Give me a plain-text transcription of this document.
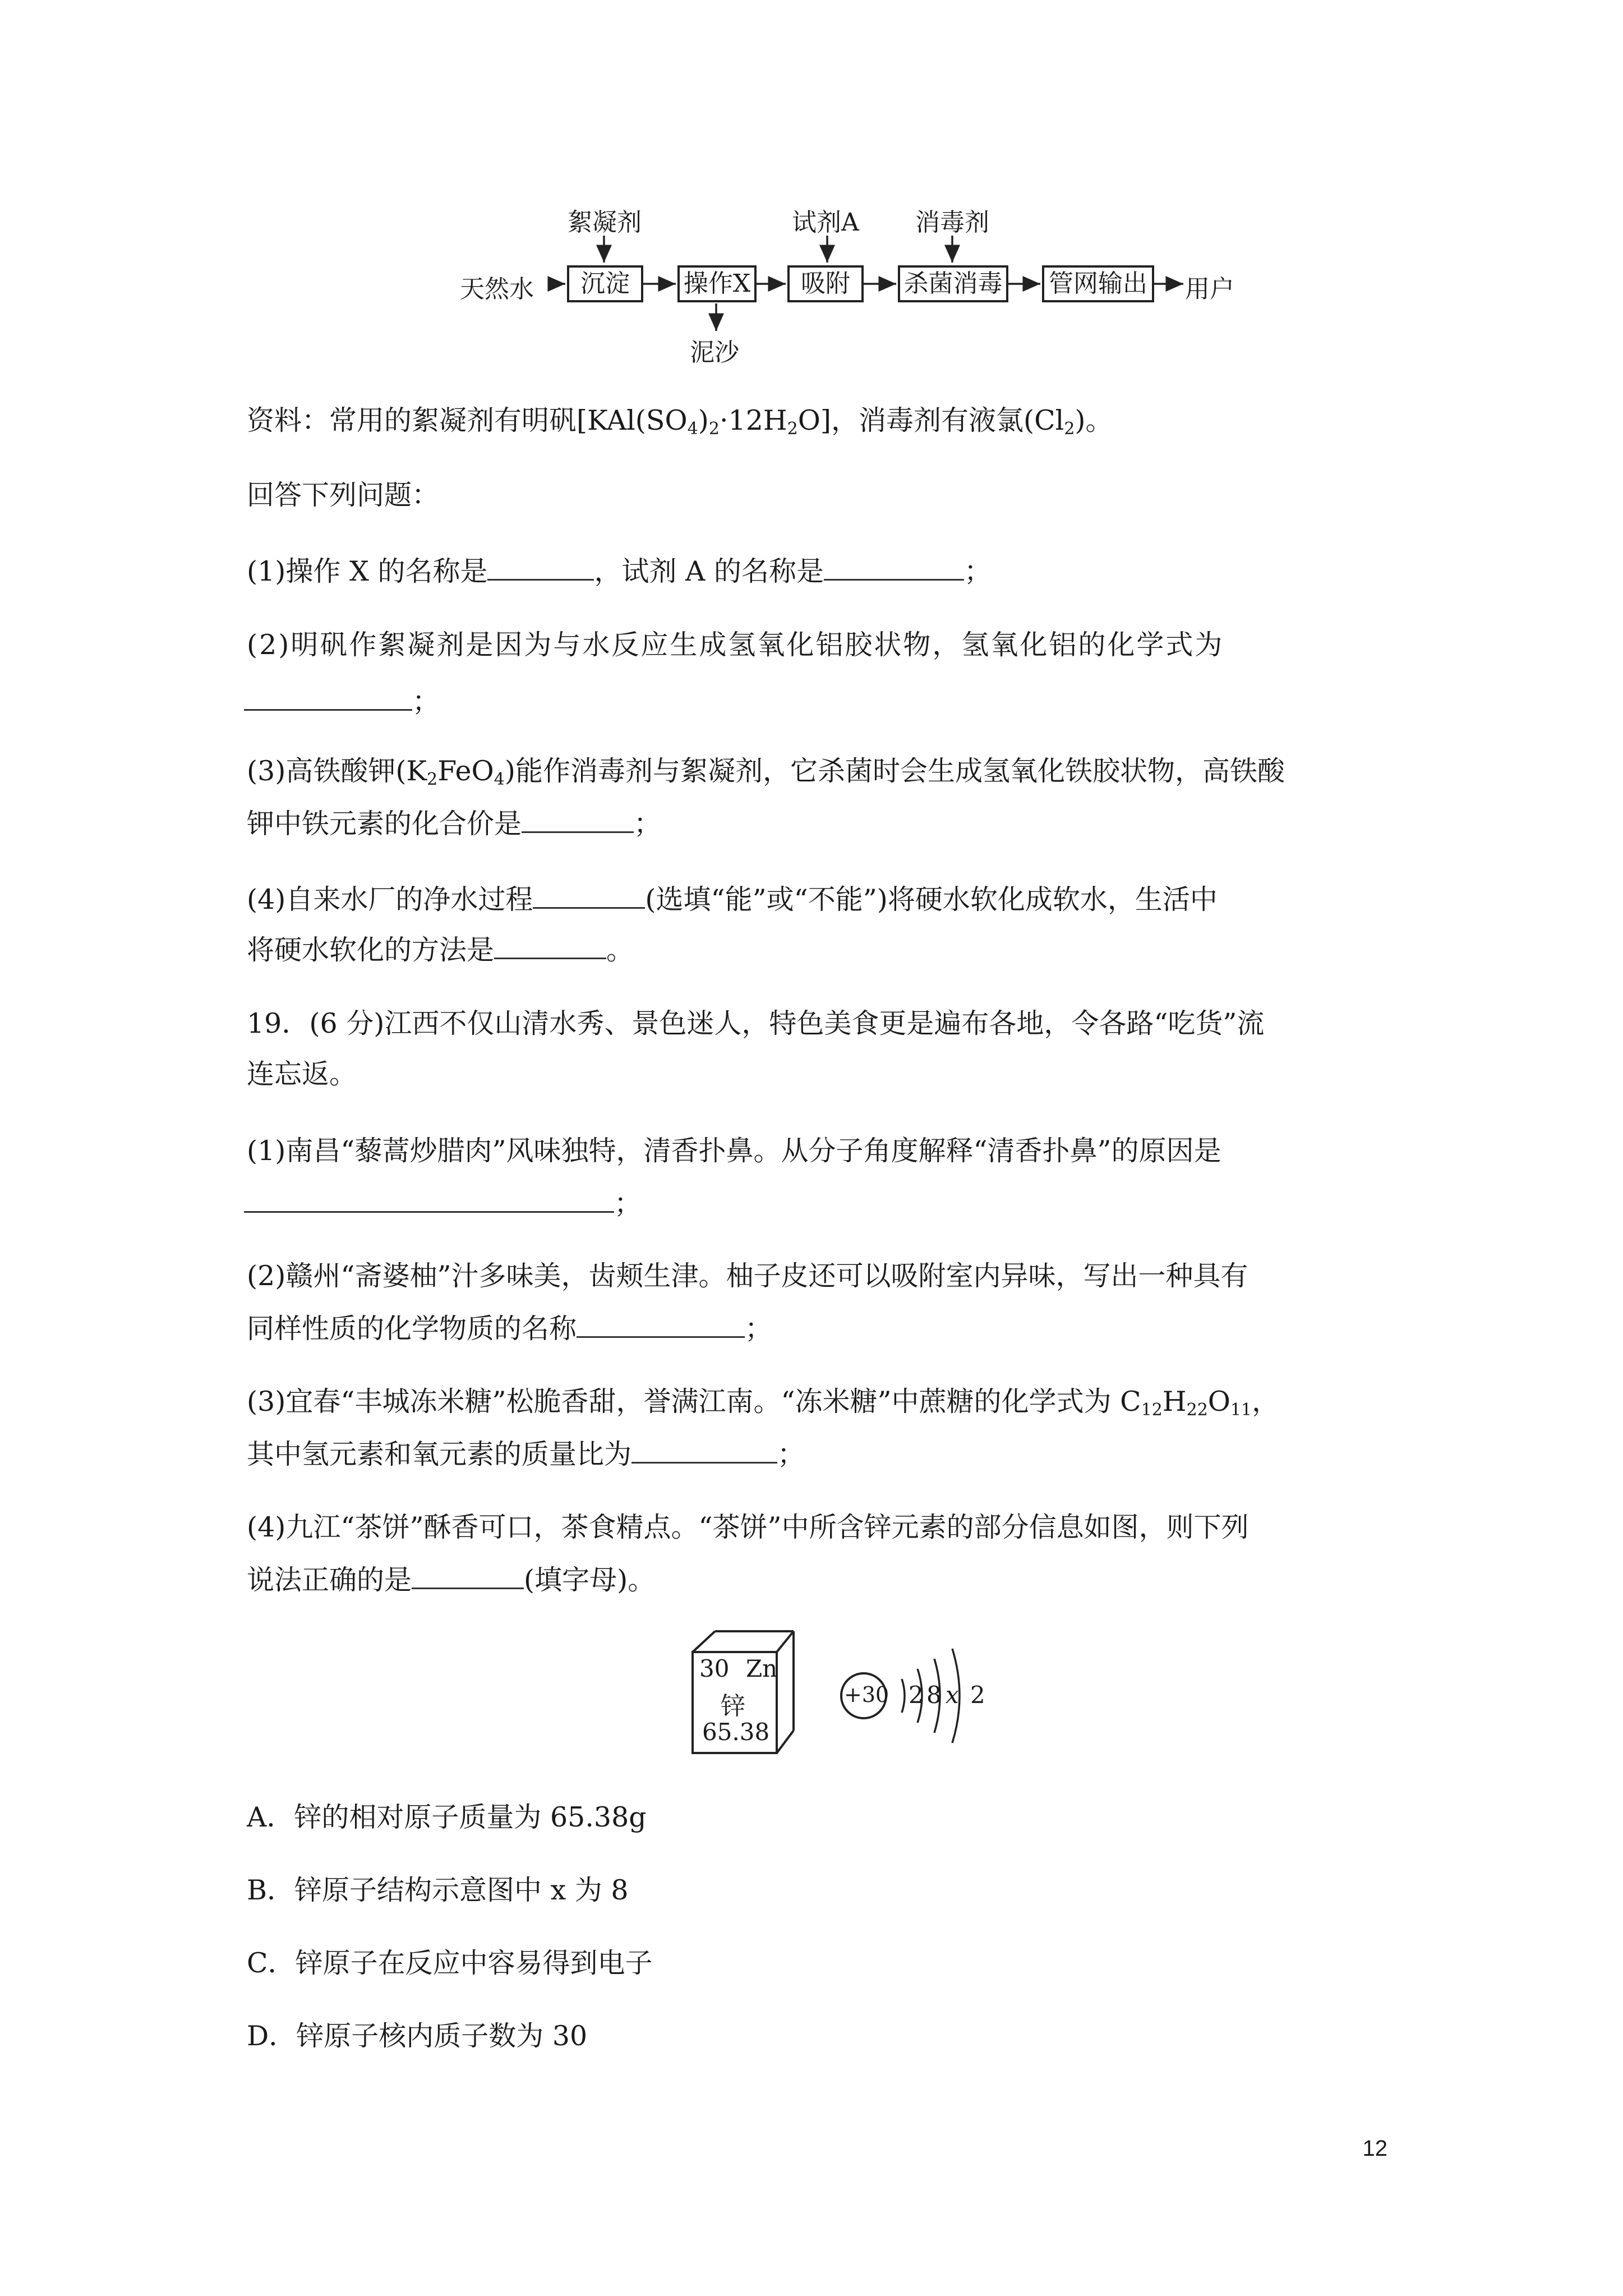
天然水	沉淀	操作X	吸附	杀菌消毒 管网输出 用户
絮凝剂	试剂A 消毒剂
泥沙
资料：常用的絮凝剂有明矾$[KAl(SO_4)_2\cdot 12H_2O]$，消毒剂有液氯$(Cl_2)$。
回答下列问题：
(1)操作 X 的名称是	，试剂 A 的名称是	；
(2)明矾作絮凝剂是因为与水反应生成氢氧化铝胶状物，氢氧化铝的化学式为
；
(3)高铁酸钾$(K_2FeO_4)$能作消毒剂与絮凝剂，它杀菌时会生成氢氧化铁胶状物，高铁酸
钾中铁元素的化合价是	；
(4)自来水厂的净水过程	(选填“能”或“不能”)将硬水软化成软水，生活中
将硬水软化的方法是	。
19．(6 分)江西不仅山清水秀、景色迷人，特色美食更是遍布各地，令各路“吃货”流
连忘返。
(1)南昌“藜蒿炒腊肉”风味独特，清香扑鼻。从分子角度解释“清香扑鼻”的原因是
；
(2)赣州“斋婆柚”汁多味美，齿颊生津。柚子皮还可以吸附室内异味，写出一种具有
同样性质的化学物质的名称	；
(3)宜春“丰城冻米糖”松脆香甜，誉满江南。“冻米糖”中蔗糖的化学式为 $C_{12}H_{22}O_{11}$，
其中氢元素和氧元素的质量比为	；
(4)九江“茶饼”酥香可口，茶食精点。“茶饼”中所含锌元素的部分信息如图，则下列
说法正确的是	(填字母)。
30 Zn
锌
65.38
+30 2 8 x 2
A．锌的相对原子质量为 65.38g
B．锌原子结构示意图中 x 为 8
C．锌原子在反应中容易得到电子
D．锌原子核内质子数为 30
12
